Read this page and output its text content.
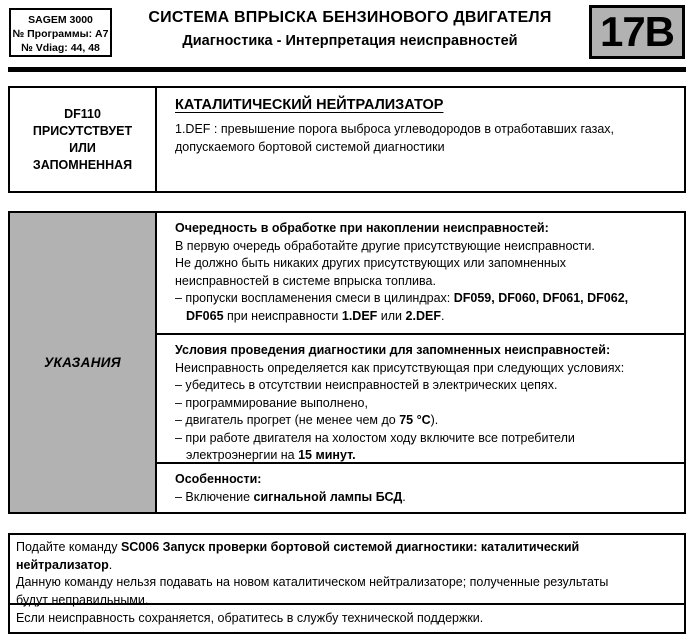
SAGEM 3000
№ Программы: A7
№ Vdiag: 44, 48
СИСТЕМА ВПРЫСКА БЕНЗИНОВОГО ДВИГАТЕЛЯ
Диагностика - Интерпретация неисправностей	17B
DF110
ПРИСУТСТВУЕТ
ИЛИ
ЗАПОМНЕННАЯ
КАТАЛИТИЧЕСКИЙ НЕЙТРАЛИЗАТОР
1.DEF : превышение порога выброса углеводородов в отработавших газах,
допускаемого бортовой системой диагностики
УКАЗАНИЯ
Очередность в обработке при накоплении неисправностей:
В первую очередь обработайте другие присутствующие неисправности.
Не должно быть никаких других присутствующих или запомненных
неисправностей в системе впрыска топлива.
– пропуски воспламенения смеси в цилиндрах: DF059, DF060, DF061, DF062,
DF065 при неисправности 1.DEF или 2.DEF.
Условия проведения диагностики для запомненных неисправностей:
Неисправность определяется как присутствующая при следующих условиях:
– убедитесь в отсутствии неисправностей в электрических цепях.
– программирование выполнено,
– двигатель прогрет (не менее чем до 75 °C).
– при работе двигателя на холостом ходу включите все потребители
электроэнергии на 15 минут.
Особенности:
– Включение сигнальной лампы БСД.
Подайте команду SC006 Запуск проверки бортовой системой диагностики: каталитический
нейтрализатор.
Данную команду нельзя подавать на новом каталитическом нейтрализаторе; полученные результаты
будут неправильными.
Если неисправность сохраняется, обратитесь в службу технической поддержки.
